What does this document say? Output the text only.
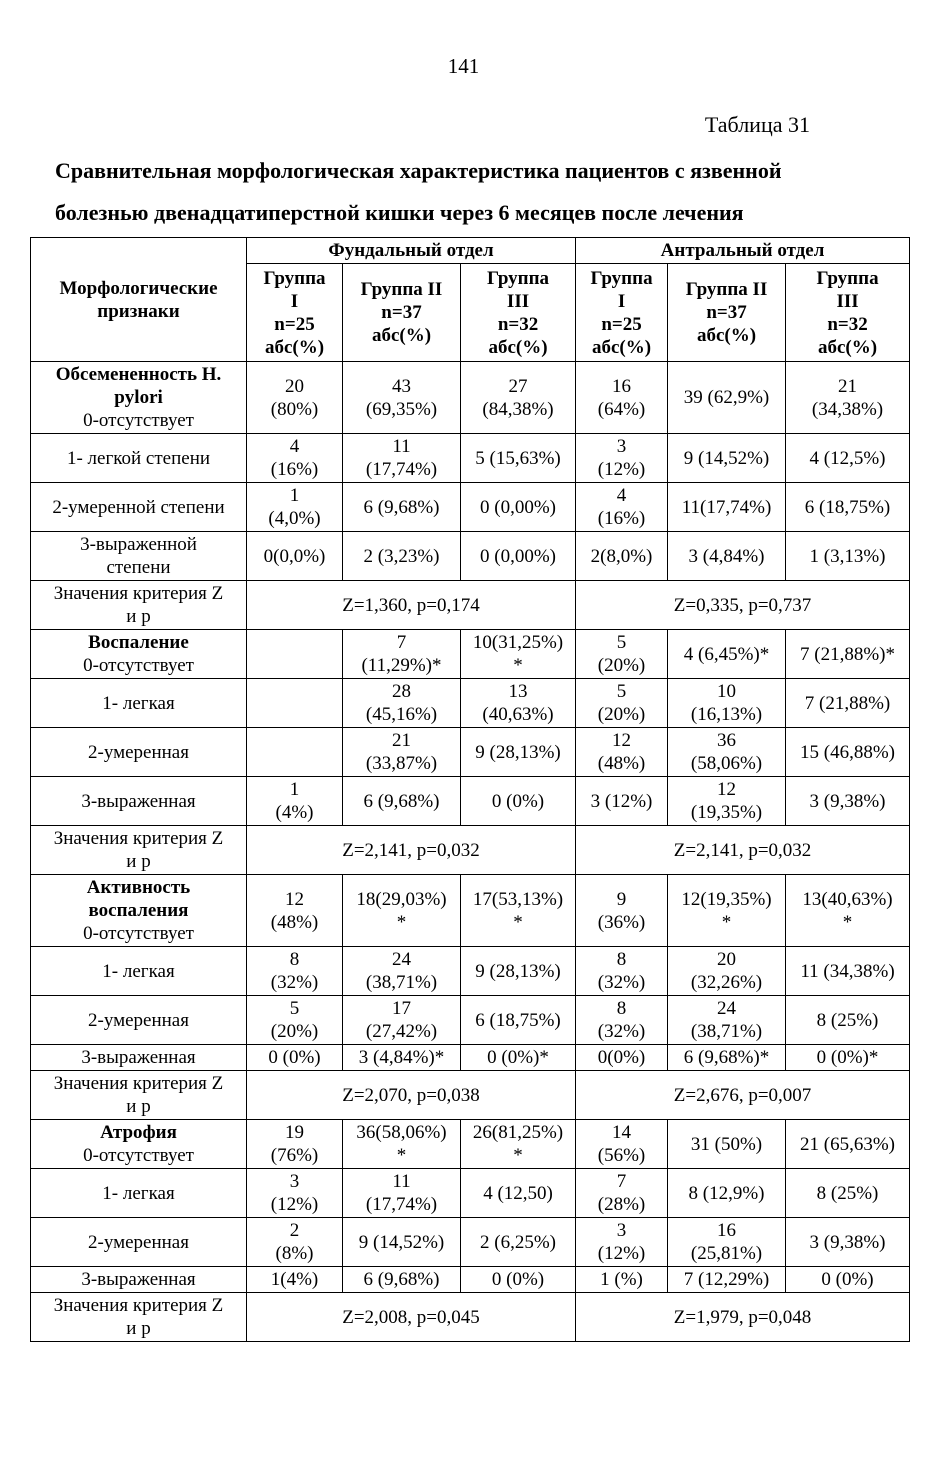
141
Таблица 31
Сравнительная морфологическая характеристика пациентов с язвенной
болезнью двенадцатиперстной кишки через 6 месяцев после лечения
Морфологические
признаки	Фундальный отдел			Антральный отдел		

	Группа
I
n=25
абс(%)	Группа II
n=37
абс(%)	Группа
III
n=32
абс(%)	Группа
I
n=25
абс(%)	Группа II
n=37
абс(%)	Группа
III
n=32
абс(%)

Обсемененность H.
pylori
0-отсутствует	20
(80%)	43
(69,35%)	27
(84,38%)	16
(64%)	39 (62,9%)	21
(34,38%)

1- легкой степени	4
(16%)	11
(17,74%)	5 (15,63%)	3
(12%)	9 (14,52%)	4 (12,5%)

2-умеренной степени	1
(4,0%)	6 (9,68%)	0 (0,00%)	4
(16%)	11(17,74%)	6 (18,75%)

3-выраженной
степени	0(0,0%)	2 (3,23%)	0 (0,00%)	2(8,0%)	3 (4,84%)	1 (3,13%)

Значения критерия Z
и р	Z=1,360, p=0,174			Z=0,335, p=0,737		

Воспаление
0-отсутствует		7
(11,29%)*	10(31,25%)
*	5
(20%)	4 (6,45%)*	7 (21,88%)*

1- легкая		28
(45,16%)	13
(40,63%)	5
(20%)	10
(16,13%)	7 (21,88%)

2-умеренная		21
(33,87%)	9 (28,13%)	12
(48%)	36
(58,06%)	15 (46,88%)

3-выраженная	1
(4%)	6 (9,68%)	0 (0%)	3 (12%)	12
(19,35%)	3 (9,38%)

Значения критерия Z
и р	Z=2,141, p=0,032			Z=2,141, p=0,032		

Активность
воспаления
0-отсутствует	12
(48%)	18(29,03%)
*	17(53,13%)
*	9
(36%)	12(19,35%)
*	13(40,63%)
*

1- легкая	8
(32%)	24
(38,71%)	9 (28,13%)	8
(32%)	20
(32,26%)	11 (34,38%)

2-умеренная	5
(20%)	17
(27,42%)	6 (18,75%)	8
(32%)	24
(38,71%)	8 (25%)

3-выраженная	0 (0%)	3 (4,84%)*	0 (0%)*	0(0%)	6 (9,68%)*	0 (0%)*

Значения критерия Z
и р	Z=2,070, p=0,038			Z=2,676, p=0,007		

Атрофия
0-отсутствует	19
(76%)	36(58,06%)
*	26(81,25%)
*	14
(56%)	31 (50%)	21 (65,63%)

1- легкая	3
(12%)	11
(17,74%)	4 (12,50)	7
(28%)	8 (12,9%)	8 (25%)

2-умеренная	2
(8%)	9 (14,52%)	2 (6,25%)	3
(12%)	16
(25,81%)	3 (9,38%)

3-выраженная	1(4%)	6 (9,68%)	0 (0%)	1 (%)	7 (12,29%)	0 (0%)

Значения критерия Z
и р	Z=2,008, p=0,045			Z=1,979, p=0,048		
